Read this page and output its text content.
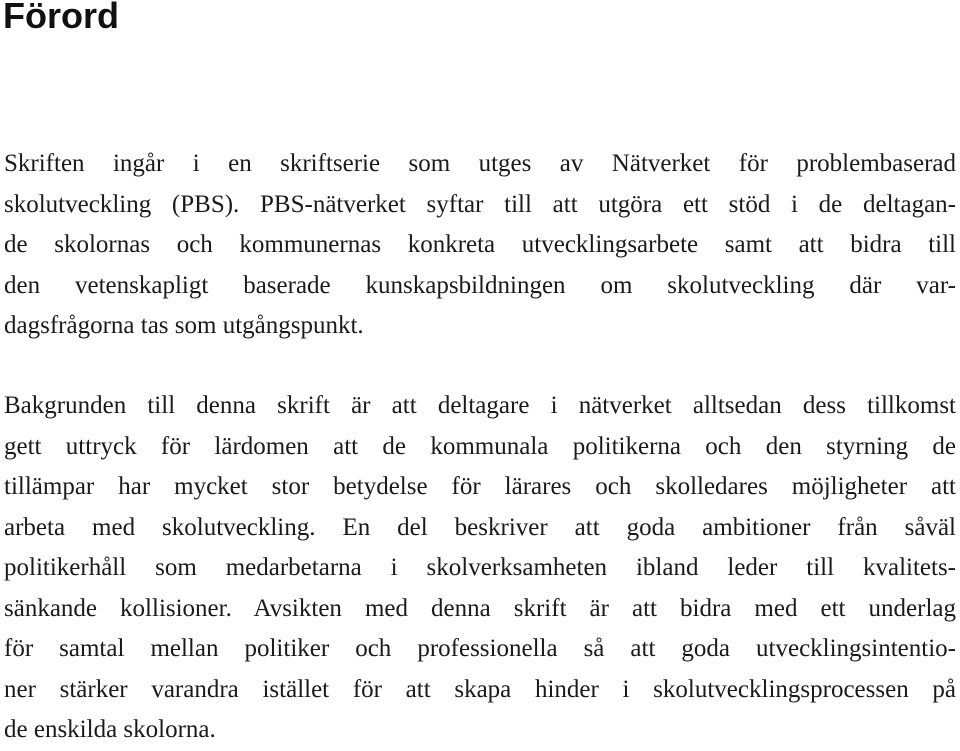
Förord

Skriften ingår i en skriftserie som utges av Nätverket för problembaserad
skolutveckling (PBS). PBS-nätverket syftar till att utgöra ett stöd i de deltagan-
de skolornas och kommunernas konkreta utvecklingsarbete samt att bidra till
den vetenskapligt baserade kunskapsbildningen om skolutveckling där var-
dagsfrågorna tas som utgångspunkt.

Bakgrunden till denna skrift är att deltagare i nätverket alltsedan dess tillkomst
gett uttryck för lärdomen att de kommunala politikerna och den styrning de
tillämpar har mycket stor betydelse för lärares och skolledares möjligheter att
arbeta med skolutveckling. En del beskriver att goda ambitioner från såväl
politikerhåll som medarbetarna i skolverksamheten ibland leder till kvalitets-
sänkande kollisioner. Avsikten med denna skrift är att bidra med ett underlag
för samtal mellan politiker och professionella så att goda utvecklingsintentio-
ner stärker varandra istället för att skapa hinder i skolutvecklingsprocessen på
de enskilda skolorna.
